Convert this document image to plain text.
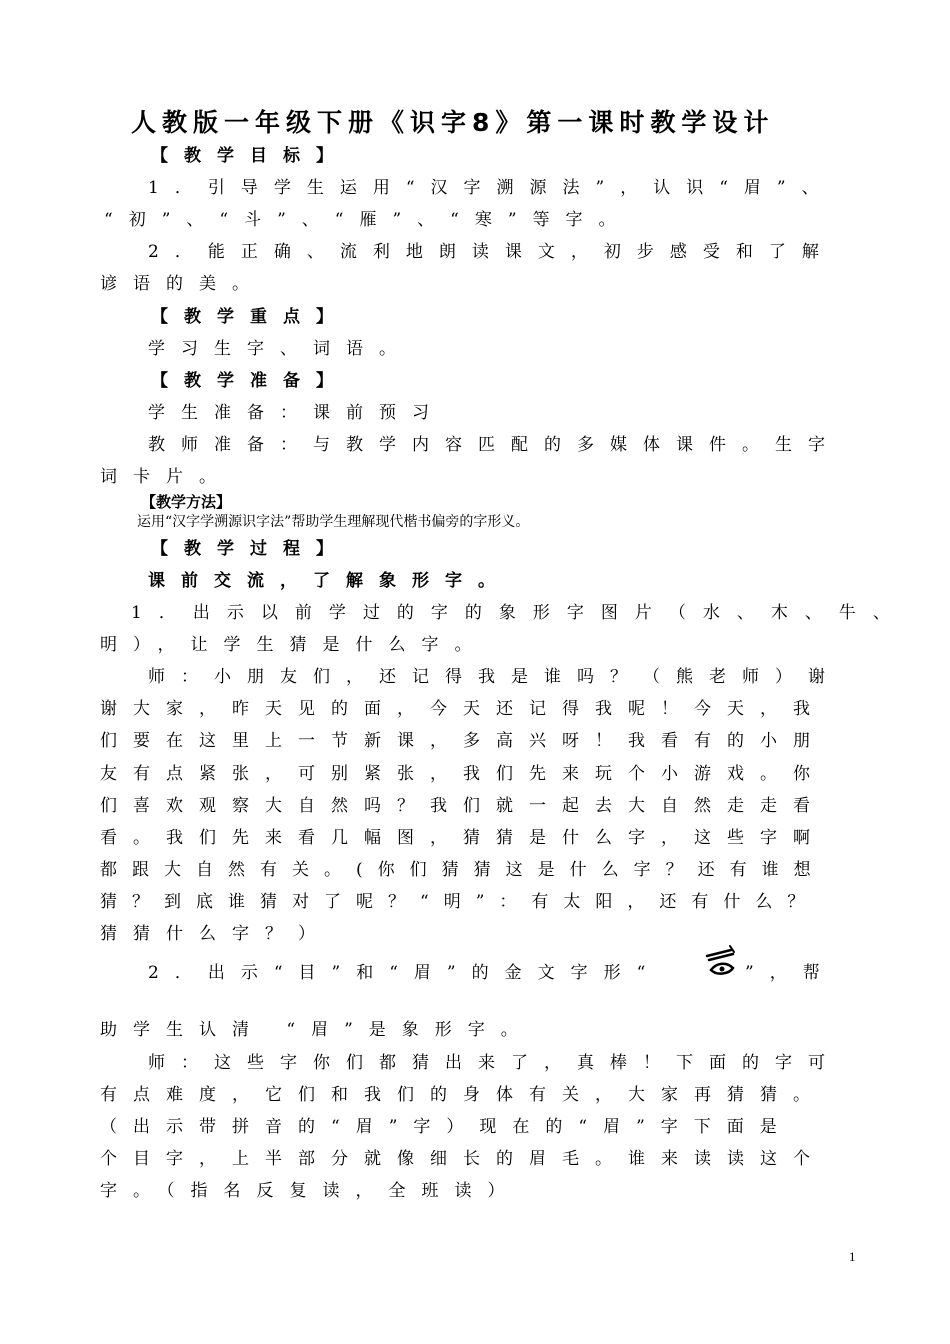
人教版一年级下册《识字8》第一课时教学设计
【教学目标】
1．引导学生运用“汉字溯源法”，认识“眉”、
“初”、“斗”、“雁”、“寒”等字。
2．能正确、流利地朗读课文，初步感受和了解
谚语的美。
【教学重点】
学习生字、词语。
【教学准备】
学生准备：课前预习
教师准备：与教学内容匹配的多媒体课件。生字
词卡片。
【教学方法】
运用“汉字学溯源识字法”帮助学生理解现代楷书偏旁的字形义。
【教学过程】
课前交流，了解象形字。
1．出示以前学过的字的象形字图片（水、木、牛、
明），让学生猜是什么字。
师：小朋友们，还记得我是谁吗？（熊老师）谢
谢大家，昨天见的面，今天还记得我呢！今天，我
们要在这里上一节新课，多高兴呀！我看有的小朋
友有点紧张，可别紧张，我们先来玩个小游戏。你
们喜欢观察大自然吗？我们就一起去大自然走走看
看。我们先来看几幅图，猜猜是什么字，这些字啊
都跟大自然有关。(你们猜猜这是什么字？还有谁想
猜？到底谁猜对了呢？“明”：有太阳，还有什么？
猜猜什么字？）
2．出示“目”和“眉”的金文字形“	”，帮
助学生认清 “眉”是象形字。
师：这些字你们都猜出来了，真棒！下面的字可
有点难度，它们和我们的身体有关，大家再猜猜。
（出示带拼音的“眉”字）现在的“眉”字下面是
个目字，上半部分就像细长的眉毛。谁来读读这个
字。（指名反复读，全班读）
1
